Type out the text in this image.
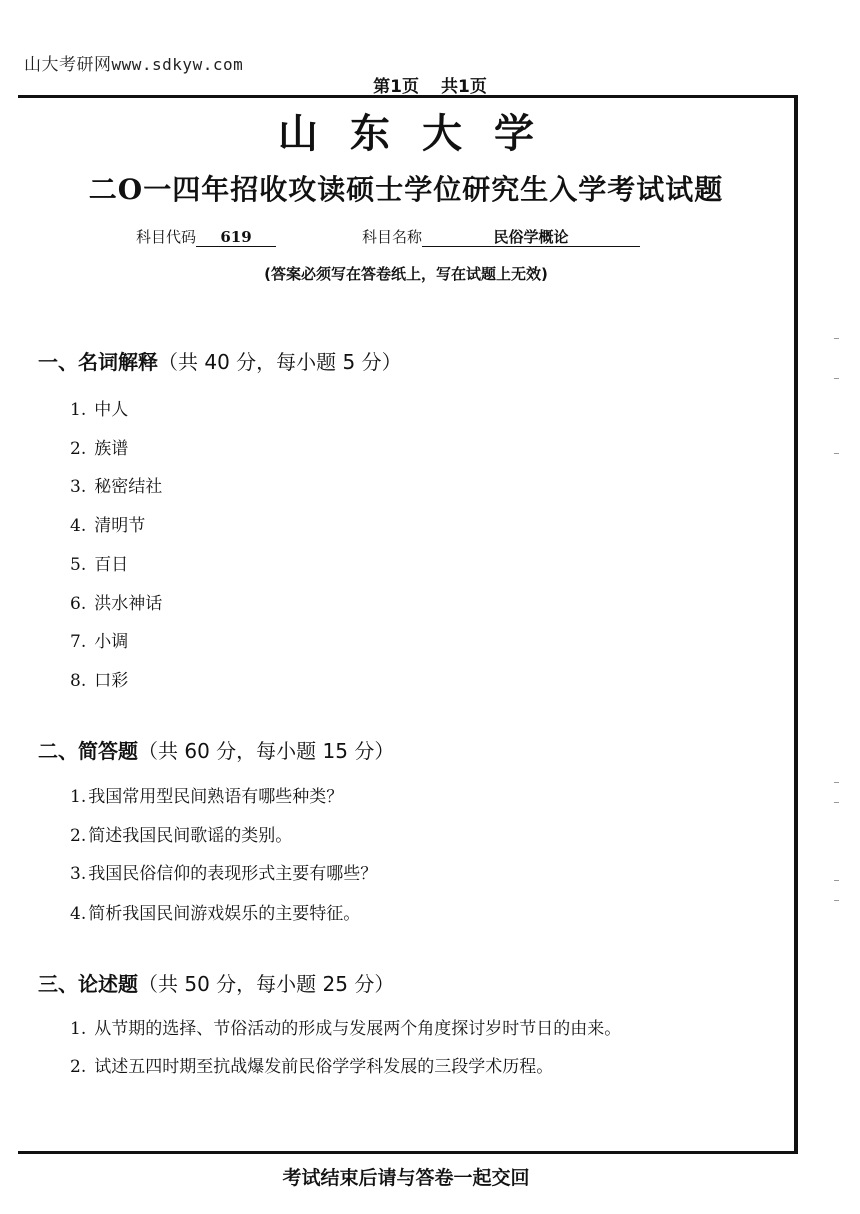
山大考研网www.sdkyw.com
第1页 共1页
山东大学
二O一四年招收攻读硕士学位研究生入学考试试题
科目代码 619	科目名称	民俗学概论
(答案必须写在答卷纸上，写在试题上无效)
一、名词解释（共 40 分，每小题 5 分）
1. 中人
2. 族谱
3. 秘密结社
4. 清明节
5. 百日
6. 洪水神话
7. 小调
8. 口彩
二、简答题（共 60 分，每小题 15 分）
1. 我国常用型民间熟语有哪些种类？
2. 简述我国民间歌谣的类别。
3. 我国民俗信仰的表现形式主要有哪些？
4. 简析我国民间游戏娱乐的主要特征。
三、论述题（共 50 分，每小题 25 分）
1. 从节期的选择、节俗活动的形成与发展两个角度探讨岁时节日的由来。
2. 试述五四时期至抗战爆发前民俗学学科发展的三段学术历程。
考试结束后请与答卷一起交回
